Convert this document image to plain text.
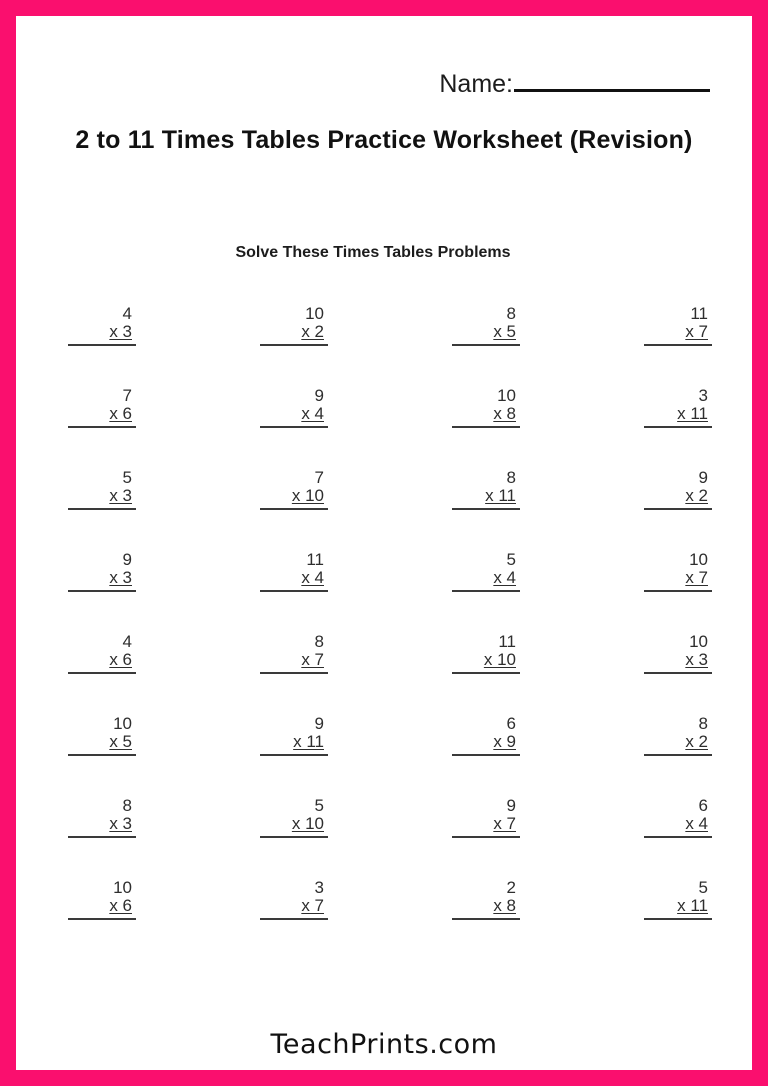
Name:
2 to 11 Times Tables Practice Worksheet (Revision)
Solve These Times Tables Problems
4
x 3
10
x 2
8
x 5
11
x 7
7
x 6
9
x 4
10
x 8
3
x 11
5
x 3
7
x 10
8
x 11
9
x 2
9
x 3
11
x 4
5
x 4
10
x 7
4
x 6
8
x 7
11
x 10
10
x 3
10
x 5
9
x 11
6
x 9
8
x 2
8
x 3
5
x 10
9
x 7
6
x 4
10
x 6
3
x 7
2
x 8
5
x 11
TeachPrints.com
